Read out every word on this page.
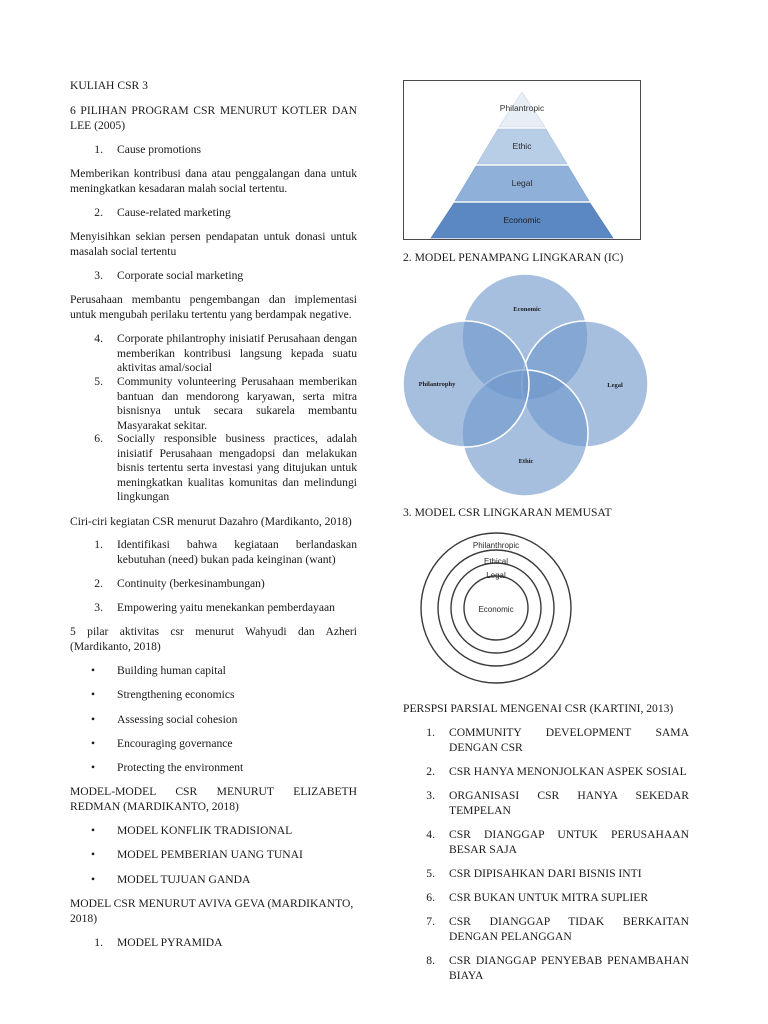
KULIAH CSR 3

6 PILIHAN PROGRAM CSR MENURUT KOTLER DAN LEE (2005)

1. Cause promotions

Memberikan kontribusi dana atau penggalangan dana untuk meningkatkan kesadaran malah social tertentu.

2. Cause-related marketing

Menyisihkan sekian persen pendapatan untuk donasi untuk masalah social tertentu

3. Corporate social marketing

Perusahaan membantu pengembangan dan implementasi untuk mengubah perilaku tertentu yang berdampak negative.

4. Corporate philantrophy inisiatif Perusahaan dengan memberikan kontribusi langsung kepada suatu aktivitas amal/social
5. Community volunteering Perusahaan memberikan bantuan dan mendorong karyawan, serta mitra bisnisnya untuk secara sukarela membantu Masyarakat sekitar.
6. Socially responsible business practices, adalah inisiatif Perusahaan mengadopsi dan melakukan bisnis tertentu serta investasi yang ditujukan untuk meningkatkan kualitas komunitas dan melindungi lingkungan

Ciri-ciri kegiatan CSR menurut Dazahro (Mardikanto, 2018)

1. Identifikasi bahwa kegiataan berlandaskan kebutuhan (need) bukan pada keinginan (want)
2. Continuity (berkesinambungan)
3. Empowering yaitu menekankan pemberdayaan

5 pilar aktivitas csr menurut Wahyudi dan Azheri (Mardikanto, 2018)

•	Building human capital
•	Strengthening economics
•	Assessing social cohesion
•	Encouraging governance
•	Protecting the environment

MODEL-MODEL CSR MENURUT ELIZABETH REDMAN (MARDIKANTO, 2018)

•	MODEL KONFLIK TRADISIONAL
•	MODEL PEMBERIAN UANG TUNAI
•	MODEL TUJUAN GANDA

MODEL CSR MENURUT AVIVA GEVA (MARDIKANTO, 2018)

1. MODEL PYRAMIDA
Philantropic
Ethic
Legal
Economic

2. MODEL PENAMPANG LINGKARAN (IC)

Economic
Legal
Ethic
Philantrophy

3. MODEL CSR LINGKARAN MEMUSAT

Philanthropic
Ethical
Legal
Economic

PERSPSI PARSIAL MENGENAI CSR (KARTINI, 2013)

1. COMMUNITY DEVELOPMENT SAMA DENGAN CSR
2. CSR HANYA MENONJOLKAN ASPEK SOSIAL
3. ORGANISASI CSR HANYA SEKEDAR TEMPELAN
4. CSR DIANGGAP UNTUK PERUSAHAAN BESAR SAJA
5. CSR DIPISAHKAN DARI BISNIS INTI
6. CSR BUKAN UNTUK MITRA SUPLIER
7. CSR DIANGGAP TIDAK BERKAITAN DENGAN PELANGGAN
8. CSR DIANGGAP PENYEBAB PENAMBAHAN BIAYA
